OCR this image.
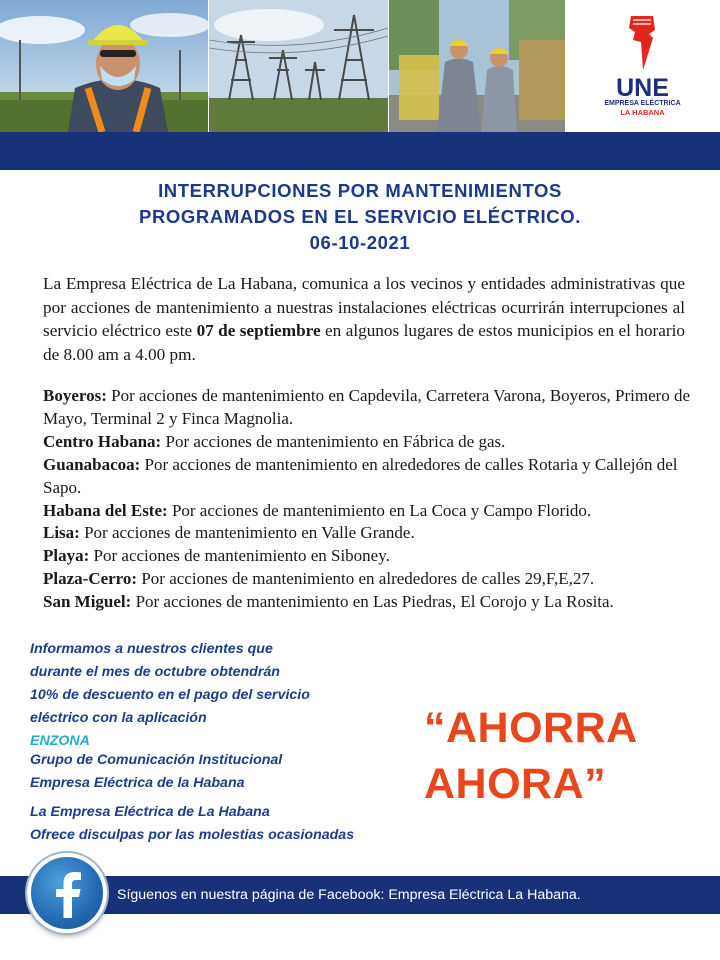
UNE
EMPRESA ELÉCTRICA
LA HABANA
INTERRUPCIONES POR MANTENIMIENTOS
PROGRAMADOS EN EL SERVICIO ELÉCTRICO.
06-10-2021

La Empresa Eléctrica de La Habana, comunica a los vecinos y entidades administrativas que por acciones de mantenimiento a nuestras instalaciones eléctricas ocurrirán interrupciones al servicio eléctrico este 07 de septiembre en algunos lugares de estos municipios en el horario de 8.00 am a 4.00 pm.

Boyeros: Por acciones de mantenimiento en Capdevila, Carretera Varona, Boyeros, Primero de Mayo, Terminal 2 y Finca Magnolia.
Centro Habana: Por acciones de mantenimiento en Fábrica de gas.
Guanabacoa: Por acciones de mantenimiento en alrededores de calles Rotaria y Callejón del Sapo.
Habana del Este: Por acciones de mantenimiento en La Coca y Campo Florido.
Lisa: Por acciones de mantenimiento en Valle Grande.
Playa: Por acciones de mantenimiento en Siboney.
Plaza-Cerro: Por acciones de mantenimiento en alrededores de calles 29,F,E,27.
San Miguel: Por acciones de mantenimiento en Las Piedras, El Corojo y La Rosita.

Informamos a nuestros clientes que
durante el mes de octubre obtendrán
10% de descuento en el pago del servicio
eléctrico con la aplicación
ENZONA

Grupo de Comunicación Institucional
Empresa Eléctrica de la Habana

La Empresa Eléctrica de La Habana
Ofrece disculpas por las molestias ocasionadas

“AHORRA
AHORA”
Síguenos en nuestra página de Facebook: Empresa Eléctrica La Habana.
